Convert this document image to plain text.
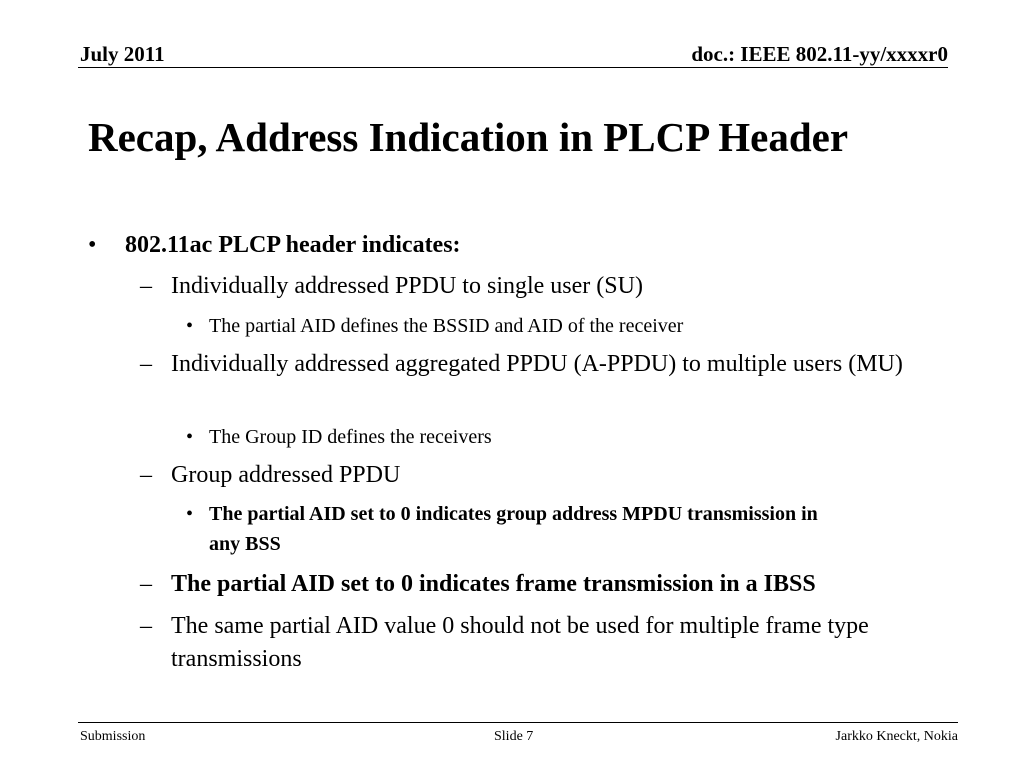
July 2011	doc.: IEEE 802.11-yy/xxxxr0
Recap, Address Indication in PLCP Header
• 802.11ac PLCP header indicates:
– Individually addressed PPDU to single user (SU)
• The partial AID defines the BSSID and AID of the receiver
– Individually addressed aggregated PPDU (A-PPDU) to multiple users (MU)
• The Group ID defines the receivers
– Group addressed PPDU
• The partial AID set to 0 indicates group address MPDU transmission in any BSS
– The partial AID set to 0 indicates frame transmission in a IBSS
– The same partial AID value 0 should not be used for multiple frame type transmissions
Submission	Slide 7	Jarkko Kneckt, Nokia
